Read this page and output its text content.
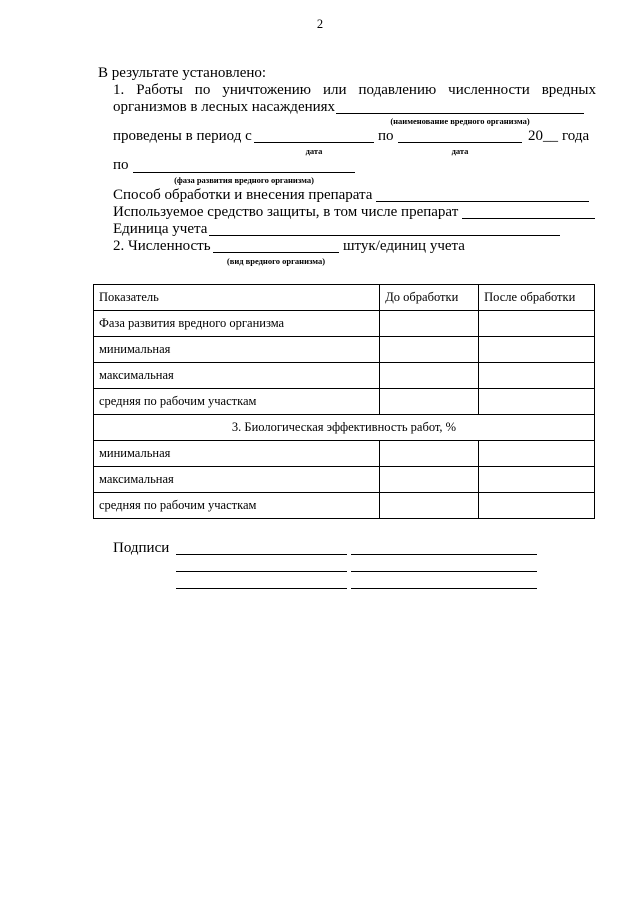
2
В результате установлено:
1. Работы по уничтожению или подавлению численности вредных
организмов в лесных насаждениях
(наименование вредного организма)
проведены в период с	по	20__ года
дата	дата
по
(фаза развития вредного организма)
Способ обработки и внесения препарата
Используемое средство защиты, в том числе препарат
Единица учета
2. Численность	штук/единиц учета
(вид вредного организма)
Показатель	До обработки	После обработки
Фаза развития вредного организма		
минимальная		
максимальная		
средняя по рабочим участкам		
3. Биологическая эффективность работ, %		
минимальная		
максимальная		
средняя по рабочим участкам		
Подписи
